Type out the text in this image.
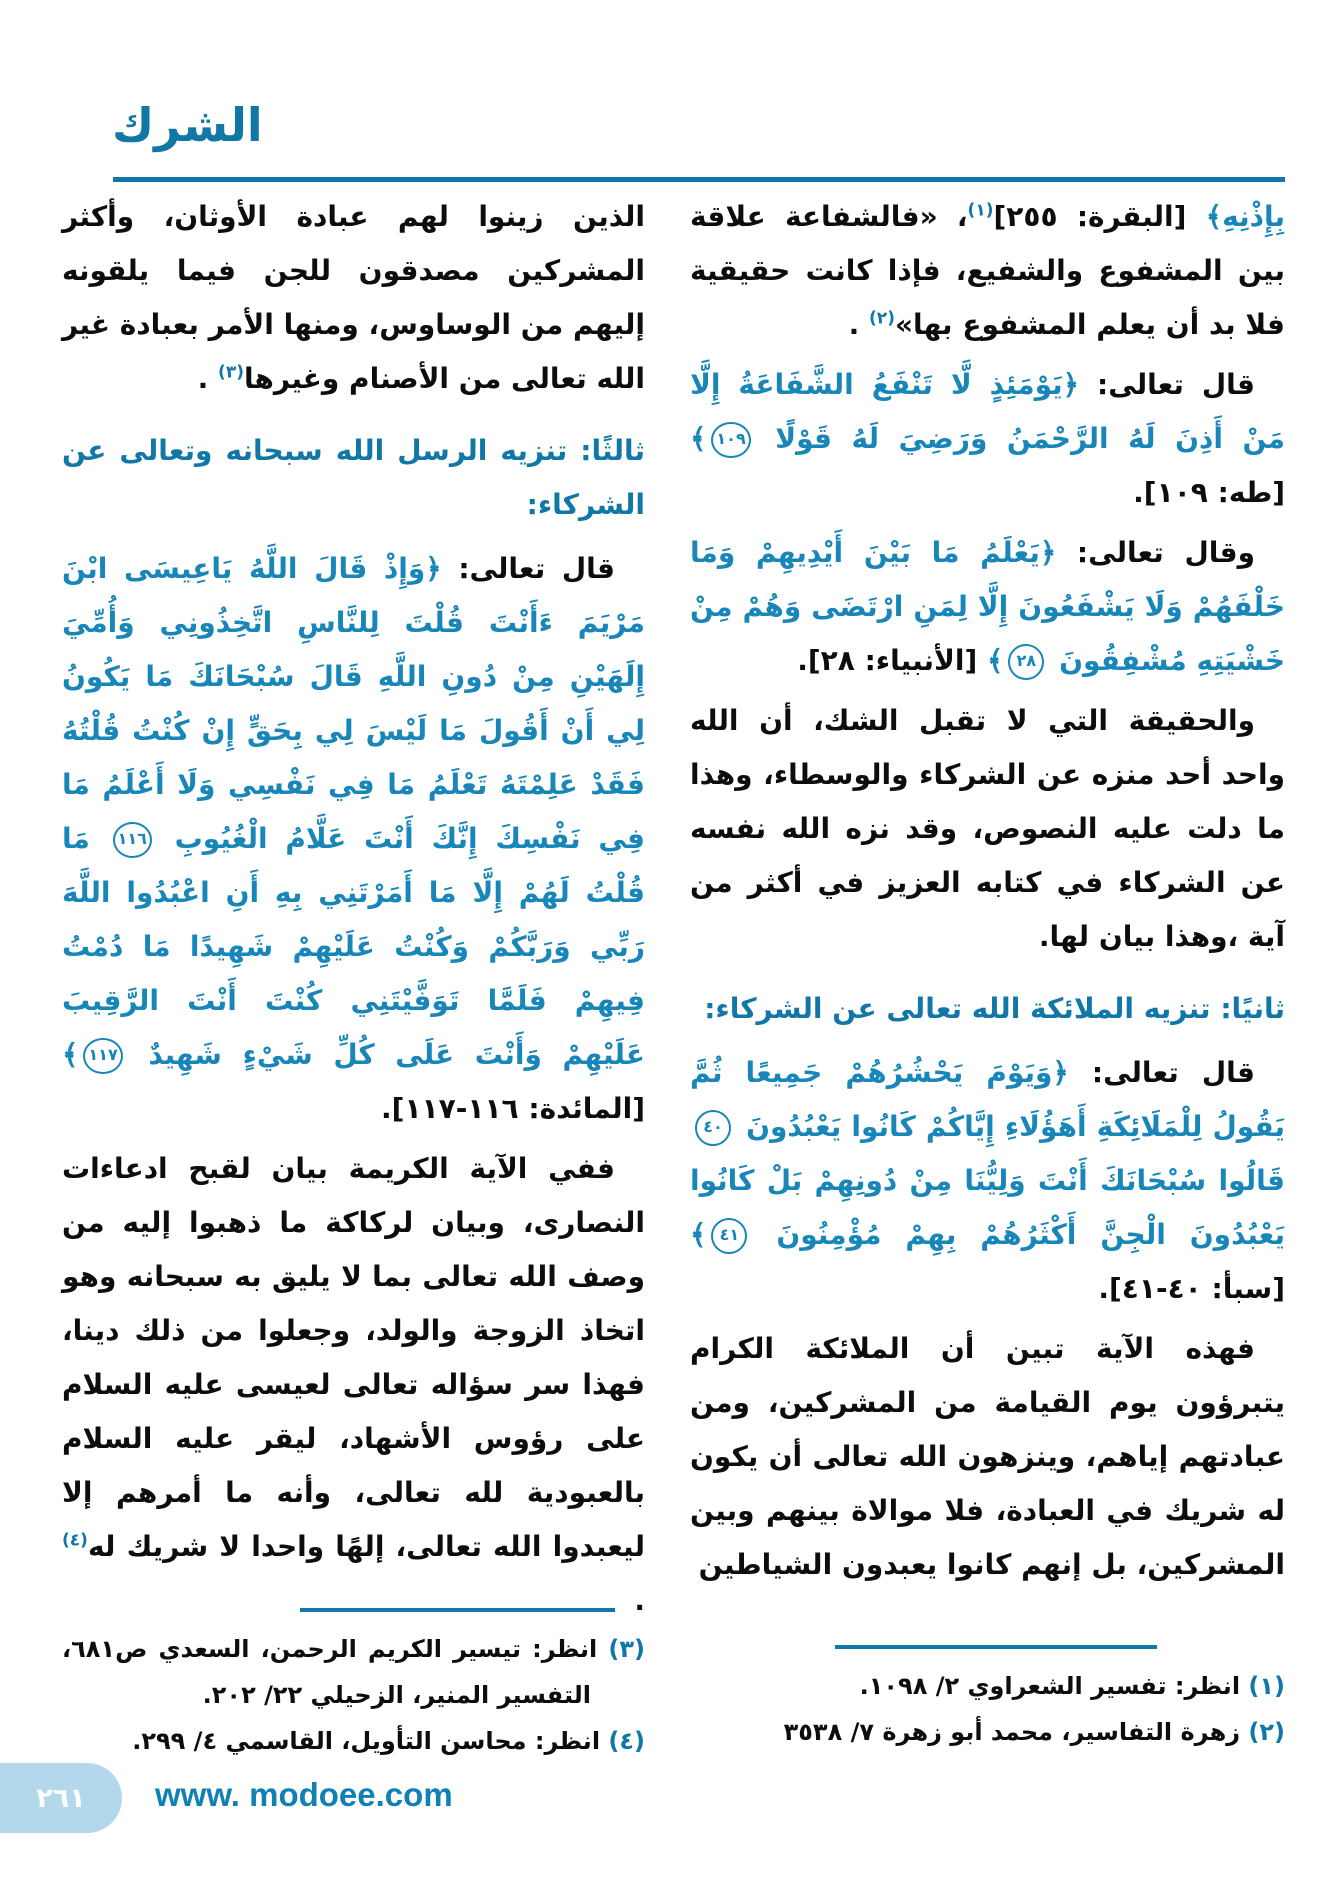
الشرك

بِإِذْنِهِ﴾ [البقرة: ٢٥٥]$^{(١)}$، «فالشفاعة علاقة بين المشفوع والشفيع، فإذا كانت حقيقية فلا بد أن يعلم المشفوع بها»$^{(٢)}$ .

قال تعالى: ﴿يَوْمَئِذٍ لَّا تَنْفَعُ الشَّفَاعَةُ إِلَّا مَنْ أَذِنَ لَهُ الرَّحْمَنُ وَرَضِيَ لَهُ قَوْلًا ١٠٩﴾ [طه: ١٠٩].

وقال تعالى: ﴿يَعْلَمُ مَا بَيْنَ أَيْدِيهِمْ وَمَا خَلْفَهُمْ وَلَا يَشْفَعُونَ إِلَّا لِمَنِ ارْتَضَى وَهُمْ مِنْ خَشْيَتِهِ مُشْفِقُونَ ٢٨﴾ [الأنبياء: ٢٨].

والحقيقة التي لا تقبل الشك، أن الله واحد أحد منزه عن الشركاء والوسطاء، وهذا ما دلت عليه النصوص، وقد نزه الله نفسه عن الشركاء في كتابه العزيز في أكثر من آية ،وهذا بيان لها.

ثانيًا: تنزيه الملائكة الله تعالى عن الشركاء:

قال تعالى: ﴿وَيَوْمَ يَحْشُرُهُمْ جَمِيعًا ثُمَّ يَقُولُ لِلْمَلَائِكَةِ أَهَؤُلَاءِ إِيَّاكُمْ كَانُوا يَعْبُدُونَ ٤٠ قَالُوا سُبْحَانَكَ أَنْتَ وَلِيُّنَا مِنْ دُونِهِمْ بَلْ كَانُوا يَعْبُدُونَ الْجِنَّ أَكْثَرُهُمْ بِهِمْ مُؤْمِنُونَ ٤١﴾ [سبأ: ٤٠-٤١].

فهذه الآية تبين أن الملائكة الكرام يتبرؤون يوم القيامة من المشركين، ومن عبادتهم إياهم، وينزهون الله تعالى أن يكون له شريك في العبادة، فلا موالاة بينهم وبين المشركين، بل إنهم كانوا يعبدون الشياطين

الذين زينوا لهم عبادة الأوثان، وأكثر المشركين مصدقون للجن فيما يلقونه إليهم من الوساوس، ومنها الأمر بعبادة غير الله تعالى من الأصنام وغيرها$^{(٣)}$ .

ثالثًا: تنزيه الرسل الله سبحانه وتعالى عن الشركاء:

قال تعالى: ﴿وَإِذْ قَالَ اللَّهُ يَاعِيسَى ابْنَ مَرْيَمَ ءَأَنْتَ قُلْتَ لِلنَّاسِ اتَّخِذُونِي وَأُمِّيَ إِلَهَيْنِ مِنْ دُونِ اللَّهِ قَالَ سُبْحَانَكَ مَا يَكُونُ لِي أَنْ أَقُولَ مَا لَيْسَ لِي بِحَقٍّ إِنْ كُنْتُ قُلْتُهُ فَقَدْ عَلِمْتَهُ تَعْلَمُ مَا فِي نَفْسِي وَلَا أَعْلَمُ مَا فِي نَفْسِكَ إِنَّكَ أَنْتَ عَلَّامُ الْغُيُوبِ ١١٦ مَا قُلْتُ لَهُمْ إِلَّا مَا أَمَرْتَنِي بِهِ أَنِ اعْبُدُوا اللَّهَ رَبِّي وَرَبَّكُمْ وَكُنْتُ عَلَيْهِمْ شَهِيدًا مَا دُمْتُ فِيهِمْ فَلَمَّا تَوَفَّيْتَنِي كُنْتَ أَنْتَ الرَّقِيبَ عَلَيْهِمْ وَأَنْتَ عَلَى كُلِّ شَيْءٍ شَهِيدٌ ١١٧﴾ [المائدة: ١١٦-١١٧].

ففي الآية الكريمة بيان لقبح ادعاءات النصارى، وبيان لركاكة ما ذهبوا إليه من وصف الله تعالى بما لا يليق به سبحانه وهو اتخاذ الزوجة والولد، وجعلوا من ذلك دينا، فهذا سر سؤاله تعالى لعيسى عليه السلام على رؤوس الأشهاد، ليقر عليه السلام بالعبودية لله تعالى، وأنه ما أمرهم إلا ليعبدوا الله تعالى، إلهًا واحدا لا شريك له$^{(٤)}$ .

(١) انظر: تفسير الشعراوي ٢/ ١٠٩٨.

(٢) زهرة التفاسير، محمد أبو زهرة ٧/ ٣٥٣٨

(٣) انظر: تيسير الكريم الرحمن، السعدي ص٦٨١، التفسير المنير، الزحيلي ٢٢/ ٢٠٢.

(٤) انظر: محاسن التأويل، القاسمي ٤/ ٢٩٩.

٢٦١ www. modoee.com
